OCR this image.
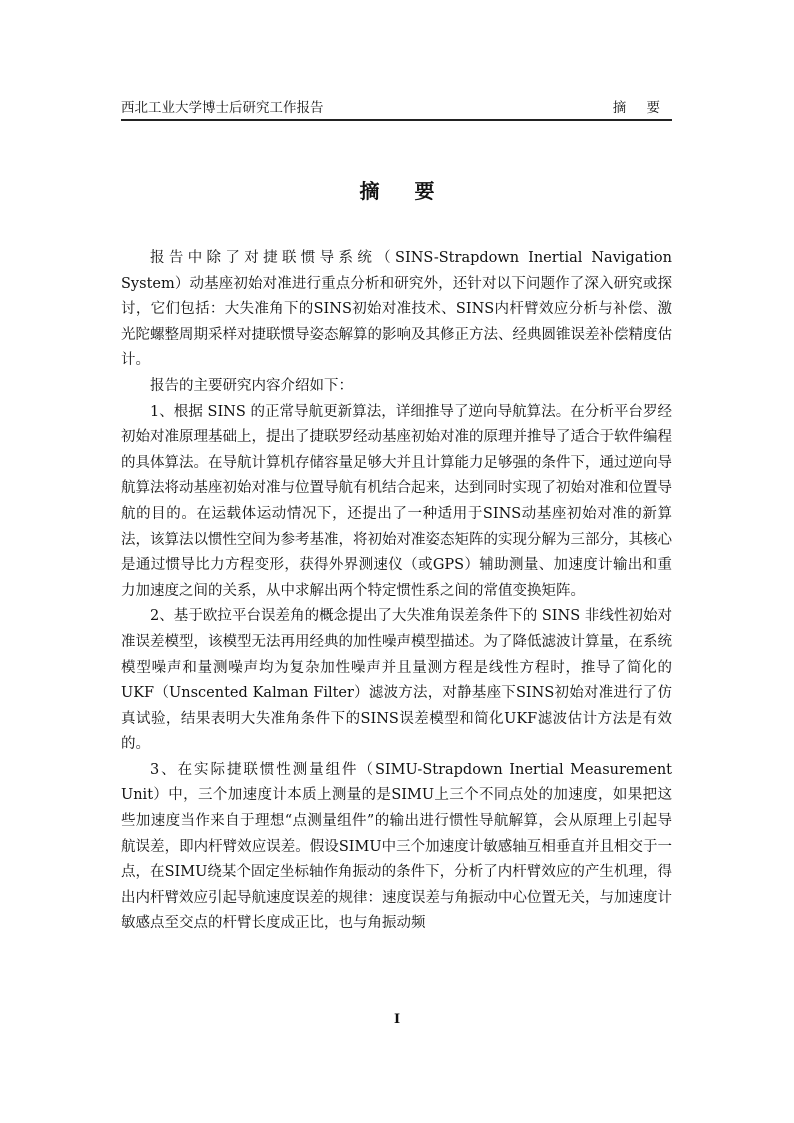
西北工业大学博士后研究工作报告	摘 要
摘 要

报告中除了对捷联惯导系统（SINS-Strapdown Inertial Navigation System）动基座初始对准进行重点分析和研究外，还针对以下问题作了深入研究或探讨，它们包括：大失准角下的SINS初始对准技术、SINS内杆臂效应分析与补偿、激光陀螺整周期采样对捷联惯导姿态解算的影响及其修正方法、经典圆锥误差补偿精度估计。

报告的主要研究内容介绍如下：

1、根据 SINS 的正常导航更新算法，详细推导了逆向导航算法。在分析平台罗经初始对准原理基础上，提出了捷联罗经动基座初始对准的原理并推导了适合于软件编程的具体算法。在导航计算机存储容量足够大并且计算能力足够强的条件下，通过逆向导航算法将动基座初始对准与位置导航有机结合起来，达到同时实现了初始对准和位置导航的目的。在运载体运动情况下，还提出了一种适用于SINS动基座初始对准的新算法，该算法以惯性空间为参考基准，将初始对准姿态矩阵的实现分解为三部分，其核心是通过惯导比力方程变形，获得外界测速仪（或GPS）辅助测量、加速度计输出和重力加速度之间的关系，从中求解出两个特定惯性系之间的常值变换矩阵。

2、基于欧拉平台误差角的概念提出了大失准角误差条件下的 SINS 非线性初始对准误差模型，该模型无法再用经典的加性噪声模型描述。为了降低滤波计算量，在系统模型噪声和量测噪声均为复杂加性噪声并且量测方程是线性方程时，推导了简化的UKF（Unscented Kalman Filter）滤波方法，对静基座下SINS初始对准进行了仿真试验，结果表明大失准角条件下的SINS误差模型和简化UKF滤波估计方法是有效的。

3、在实际捷联惯性测量组件（SIMU-Strapdown Inertial Measurement Unit）中，三个加速度计本质上测量的是SIMU上三个不同点处的加速度，如果把这些加速度当作来自于理想“点测量组件”的输出进行惯性导航解算，会从原理上引起导航误差，即内杆臂效应误差。假设SIMU中三个加速度计敏感轴互相垂直并且相交于一点，在SIMU绕某个固定坐标轴作角振动的条件下，分析了内杆臂效应的产生机理，得出内杆臂效应引起导航速度误差的规律：速度误差与角振动中心位置无关，与加速度计敏感点至交点的杆臂长度成正比，也与角振动频

I
